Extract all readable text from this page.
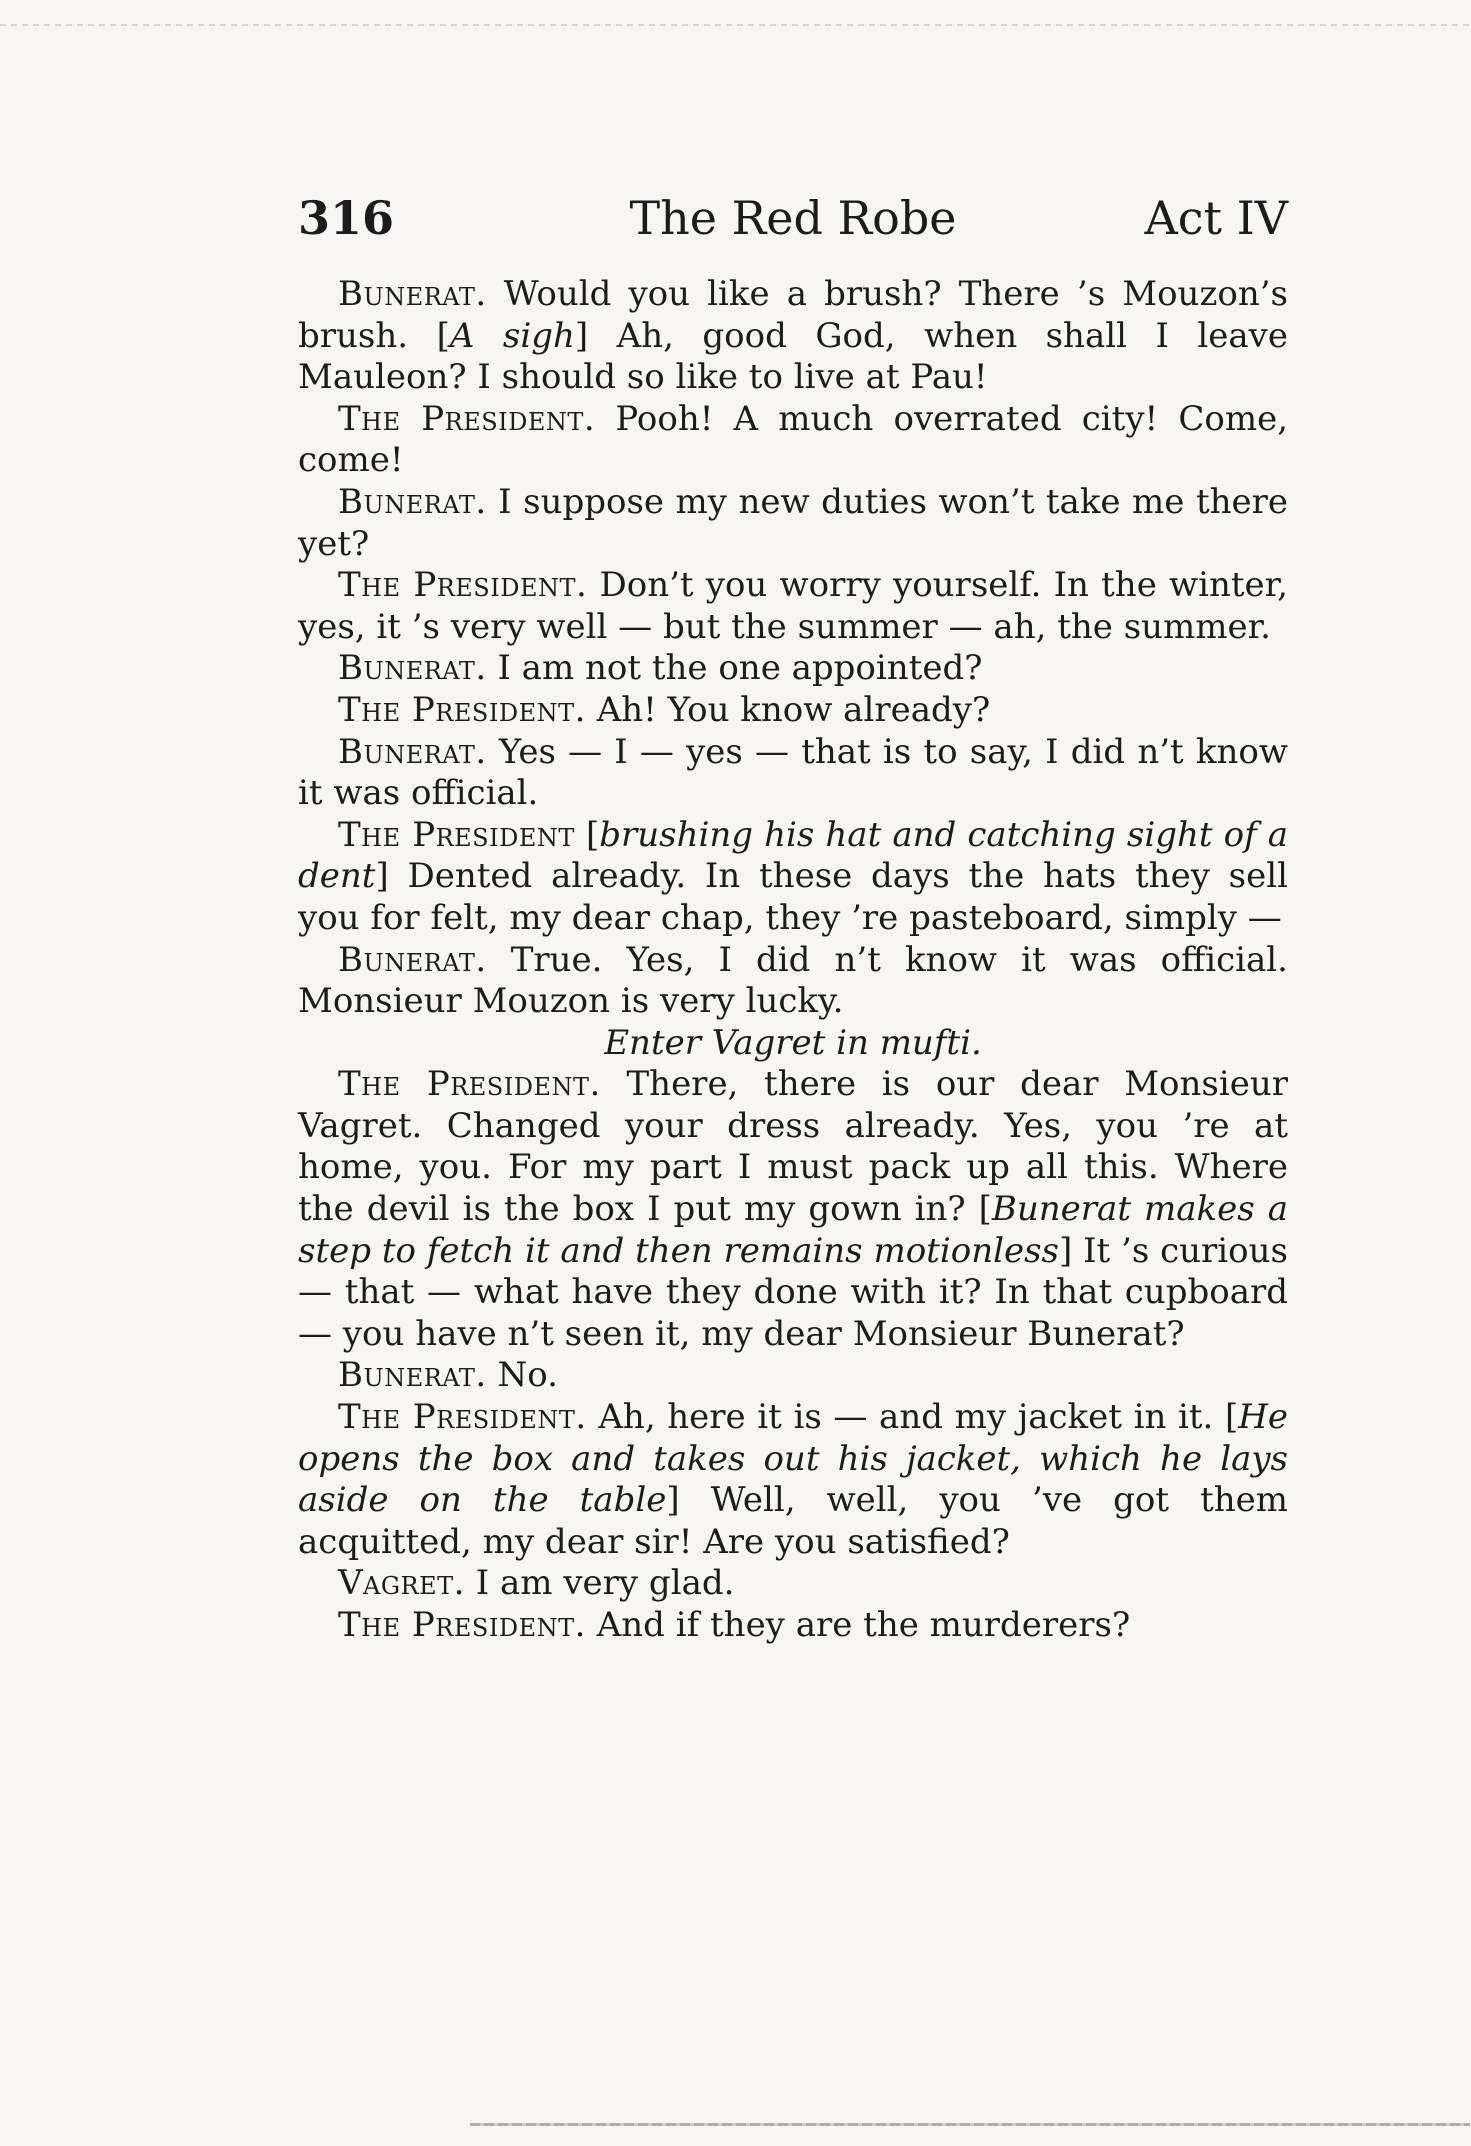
316	The Red Robe	Act IV

Bunerat. Would you like a brush? There ’s Mouzon’s brush. [A sigh] Ah, good God, when shall I leave Mauleon? I should so like to live at Pau!

The President. Pooh! A much overrated city! Come, come!

Bunerat. I suppose my new duties won’t take me there yet?

The President. Don’t you worry yourself. In the winter, yes, it ’s very well — but the summer — ah, the summer.

Bunerat. I am not the one appointed?

The President. Ah! You know already?

Bunerat. Yes — I — yes — that is to say, I did n’t know it was official.

The President [brushing his hat and catching sight of a dent] Dented already. In these days the hats they sell you for felt, my dear chap, they ’re pasteboard, simply —

Bunerat. True. Yes, I did n’t know it was official. Monsieur Mouzon is very lucky.

Enter Vagret in mufti.

The President. There, there is our dear Monsieur Vagret. Changed your dress already. Yes, you ’re at home, you. For my part I must pack up all this. Where the devil is the box I put my gown in? [Bunerat makes a step to fetch it and then remains motionless] It ’s curious — that — what have they done with it? In that cupboard — you have n’t seen it, my dear Monsieur Bunerat?

Bunerat. No.

The President. Ah, here it is — and my jacket in it. [He opens the box and takes out his jacket, which he lays aside on the table] Well, well, you ’ve got them acquitted, my dear sir! Are you satisfied?

Vagret. I am very glad.

The President. And if they are the murderers?
